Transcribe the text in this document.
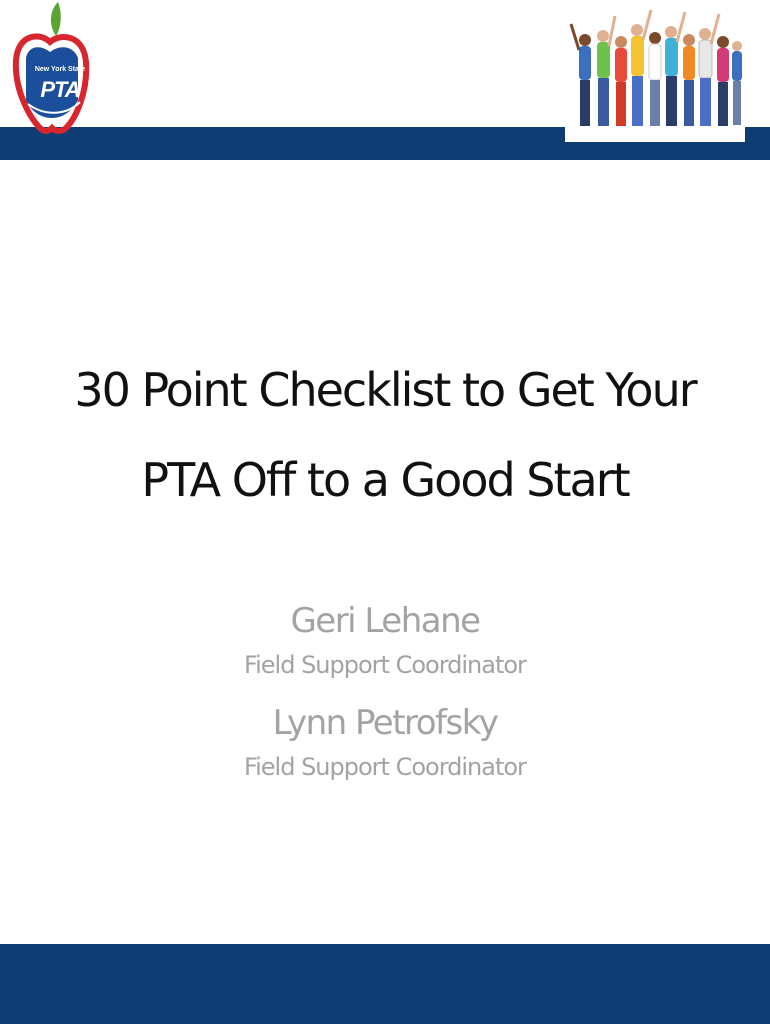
New York State
PTA
30 Point Checklist to Get Your
PTA Off to a Good Start
Geri Lehane
Field Support Coordinator
Lynn Petrofsky
Field Support Coordinator
